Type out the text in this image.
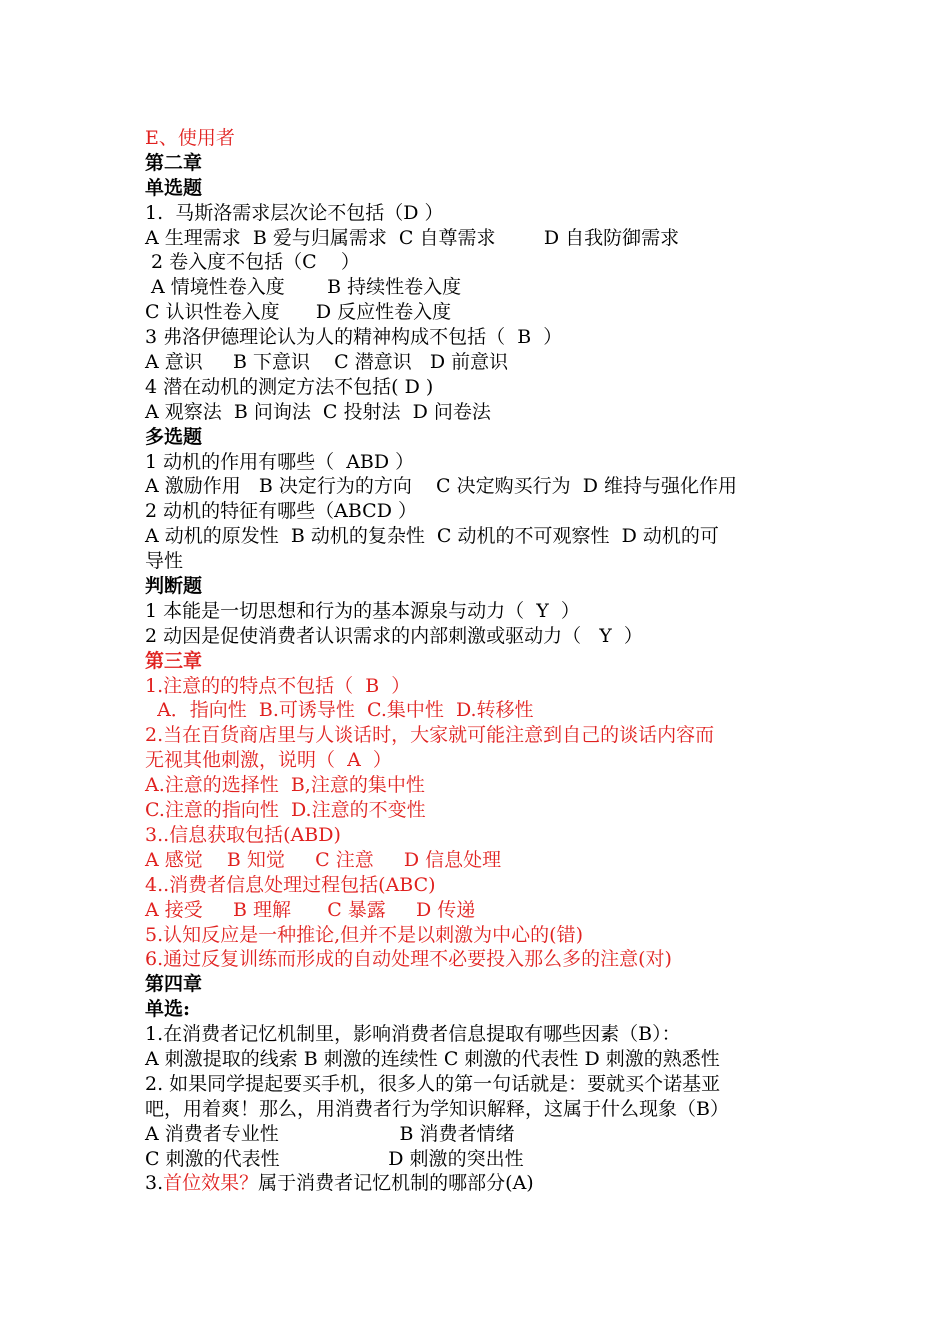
E、使用者
第二章
单选题
1.  马斯洛需求层次论不包括（D ）
A 生理需求  B 爱与归属需求  C 自尊需求        D 自我防御需求
2 卷入度不包括（C    ）
A 情境性卷入度       B 持续性卷入度
C 认识性卷入度      D 反应性卷入度
3 弗洛伊德理论认为人的精神构成不包括（  B  ）
A 意识     B 下意识    C 潜意识   D 前意识
4 潜在动机的测定方法不包括( D )
A 观察法  B 问询法  C 投射法  D 问卷法
多选题
1 动机的作用有哪些（  ABD ）
A 激励作用   B 决定行为的方向    C 决定购买行为  D 维持与强化作用
2 动机的特征有哪些（ABCD ）
A 动机的原发性  B 动机的复杂性  C 动机的不可观察性  D 动机的可
导性
判断题
1 本能是一切思想和行为的基本源泉与动力（  Y  ）
2 动因是促使消费者认识需求的内部刺激或驱动力（   Y  ）
第三章
1.注意的的特点不包括（  B  ）
A．指向性  B.可诱导性  C.集中性  D.转移性
2.当在百货商店里与人谈话时，大家就可能注意到自己的谈话内容而
无视其他刺激，说明（  A  ）
A.注意的选择性  B,注意的集中性
C.注意的指向性  D.注意的不变性
3..信息获取包括(ABD)
A 感觉    B 知觉     C 注意     D 信息处理
4..消费者信息处理过程包括(ABC)
A 接受     B 理解      C 暴露     D 传递
5.认知反应是一种推论,但并不是以刺激为中心的(错)
6.通过反复训练而形成的自动处理不必要投入那么多的注意(对)
第四章
单选:
1.在消费者记忆机制里，影响消费者信息提取有哪些因素（B）：
A 刺激提取的线索 B 刺激的连续性 C 刺激的代表性 D 刺激的熟悉性
2. 如果同学提起要买手机，很多人的第一句话就是：要就买个诺基亚
吧，用着爽！那么，用消费者行为学知识解释，这属于什么现象（B）
A 消费者专业性                    B 消费者情绪
C 刺激的代表性                  D 刺激的突出性
3.首位效果？属于消费者记忆机制的哪部分(A)
